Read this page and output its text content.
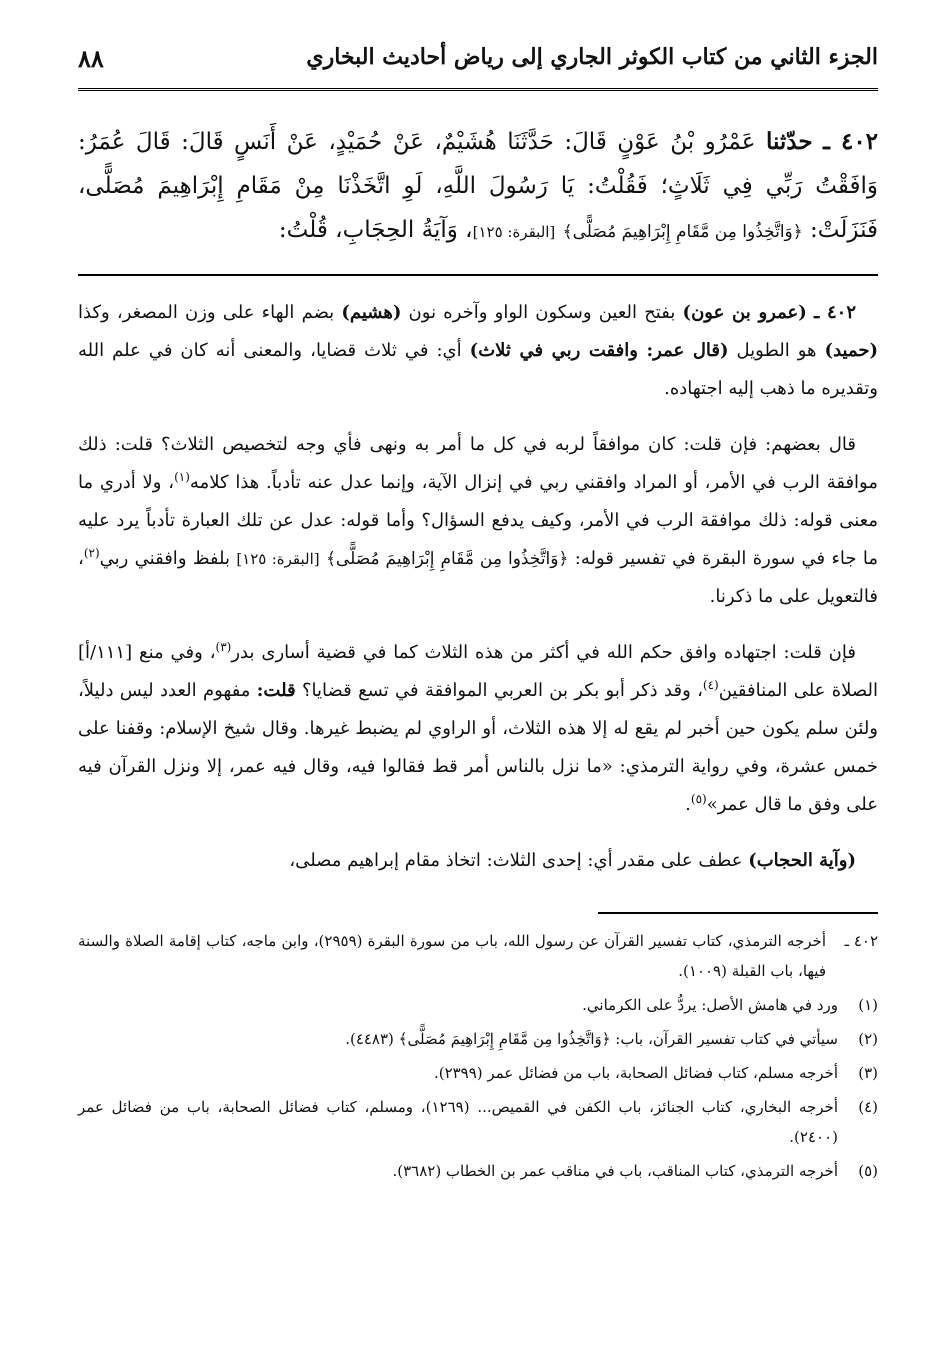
الجزء الثاني من كتاب الكوثر الجاري إلى رياض أحاديث البخاري
٨٨
٤٠٢ ـ حدّثنا عَمْرُو بْنُ عَوْنٍ قَالَ: حَدَّثَنَا هُشَيْمٌ، عَنْ حُمَيْدٍ، عَنْ أَنَسٍ قَالَ: قَالَ عُمَرُ: وَافَقْتُ رَبِّي فِي ثَلَاثٍ؛ فَقُلْتُ: يَا رَسُولَ اللَّهِ، لَوِ اتَّخَذْنَا مِنْ مَقَامِ إِبْرَاهِيمَ مُصَلًّى، فَنَزَلَتْ: ﴿وَاتَّخِذُوا مِن مَّقَامِ إِبْرَاهِيمَ مُصَلًّى﴾ [البقرة: ١٢٥]، وَآيَةُ الحِجَابِ، قُلْتُ:

٤٠٢ ـ (عمرو بن عون) بفتح العين وسكون الواو وآخره نون (هشيم) بضم الهاء على وزن المصغر، وكذا (حميد) هو الطويل (قال عمر: وافقت ربي في ثلاث) أي: في ثلاث قضايا، والمعنى أنه كان في علم الله وتقديره ما ذهب إليه اجتهاده.

قال بعضهم: فإن قلت: كان موافقاً لربه في كل ما أمر به ونهى فأي وجه لتخصيص الثلاث؟ قلت: ذلك موافقة الرب في الأمر، أو المراد وافقني ربي في إنزال الآية، وإنما عدل عنه تأدباً. هذا كلامه$^{(١)}$، ولا أدري ما معنى قوله: ذلك موافقة الرب في الأمر، وكيف يدفع السؤال؟ وأما قوله: عدل عن تلك العبارة تأدباً يرد عليه ما جاء في سورة البقرة في تفسير قوله: ﴿وَاتَّخِذُوا مِن مَّقَامِ إِبْرَاهِيمَ مُصَلًّى﴾ [البقرة: ١٢٥] بلفظ وافقني ربي$^{(٢)}$، فالتعويل على ما ذكرنا.

فإن قلت: اجتهاده وافق حكم الله في أكثر من هذه الثلاث كما في قضية أسارى بدر$^{(٣)}$، وفي منع [١١١/أ] الصلاة على المنافقين$^{(٤)}$، وقد ذكر أبو بكر بن العربي الموافقة في تسع قضايا؟ قلت: مفهوم العدد ليس دليلاً، ولئن سلم يكون حين أخبر لم يقع له إلا هذه الثلاث، أو الراوي لم يضبط غيرها. وقال شيخ الإسلام: وقفنا على خمس عشرة، وفي رواية الترمذي: «ما نزل بالناس أمر قط فقالوا فيه، وقال فيه عمر، إلا ونزل القرآن فيه على وفق ما قال عمر»$^{(٥)}$.

(وآية الحجاب) عطف على مقدر أي: إحدى الثلاث: اتخاذ مقام إبراهيم مصلى،

٤٠٢ ـ
أخرجه الترمذي، كتاب تفسير القرآن عن رسول الله، باب من سورة البقرة (٢٩٥٩)، وابن ماجه، كتاب إقامة الصلاة والسنة فيها، باب القبلة (١٠٠٩).
(١)
ورد في هامش الأصل: يردُّ على الكرماني.
(٢)
سيأتي في كتاب تفسير القرآن، باب: ﴿وَاتَّخِذُوا مِن مَّقَامِ إِبْرَاهِيمَ مُصَلًّى﴾ (٤٤٨٣).
(٣)
أخرجه مسلم، كتاب فضائل الصحابة، باب من فضائل عمر (٢٣٩٩).
(٤)
أخرجه البخاري، كتاب الجنائز، باب الكفن في القميص... (١٢٦٩)، ومسلم، كتاب فضائل الصحابة، باب من فضائل عمر (٢٤٠٠).
(٥)
أخرجه الترمذي، كتاب المناقب، باب في مناقب عمر بن الخطاب (٣٦٨٢).
